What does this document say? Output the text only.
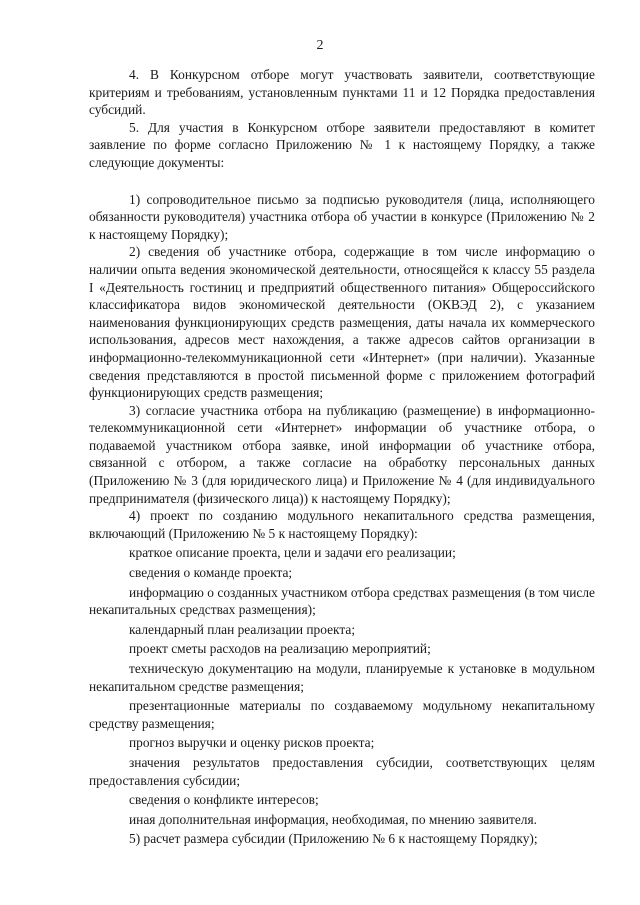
2

4. В Конкурсном отборе могут участвовать заявители, соответствующие критериям и требованиям, установленным пунктами 11 и 12 Порядка предоставления субсидий.

5. Для участия в Конкурсном отборе заявители предоставляют в комитет заявление по форме согласно Приложению № 1 к настоящему Порядку, а также следующие документы:

1) сопроводительное письмо за подписью руководителя (лица, исполняющего обязанности руководителя) участника отбора об участии в конкурсе (Приложению № 2 к настоящему Порядку);

2) сведения об участнике отбора, содержащие в том числе информацию о наличии опыта ведения экономической деятельности, относящейся к классу 55 раздела I «Деятельность гостиниц и предприятий общественного питания» Общероссийского классификатора видов экономической деятельности (ОКВЭД 2), с указанием наименования функционирующих средств размещения, даты начала их коммерческого использования, адресов мест нахождения, а также адресов сайтов организации в информационно-телекоммуникационной сети «Интернет» (при наличии). Указанные сведения представляются в простой письменной форме с приложением фотографий функционирующих средств размещения;

3) согласие участника отбора на публикацию (размещение) в информационно-телекоммуникационной сети «Интернет» информации об участнике отбора, о подаваемой участником отбора заявке, иной информации об участнике отбора, связанной с отбором, а также согласие на обработку персональных данных (Приложению № 3 (для юридического лица) и Приложение № 4 (для индивидуального предпринимателя (физического лица)) к настоящему Порядку);

4) проект по созданию модульного некапитального средства размещения, включающий (Приложению № 5 к настоящему Порядку):

краткое описание проекта, цели и задачи его реализации;

сведения о команде проекта;

информацию о созданных участником отбора средствах размещения (в том числе некапитальных средствах размещения);

календарный план реализации проекта;

проект сметы расходов на реализацию мероприятий;

техническую документацию на модули, планируемые к установке в модульном некапитальном средстве размещения;

презентационные материалы по создаваемому модульному некапитальному средству размещения;

прогноз выручки и оценку рисков проекта;

значения результатов предоставления субсидии, соответствующих целям предоставления субсидии;

сведения о конфликте интересов;

иная дополнительная информация, необходимая, по мнению заявителя.

5) расчет размера субсидии (Приложению № 6 к настоящему Порядку);
